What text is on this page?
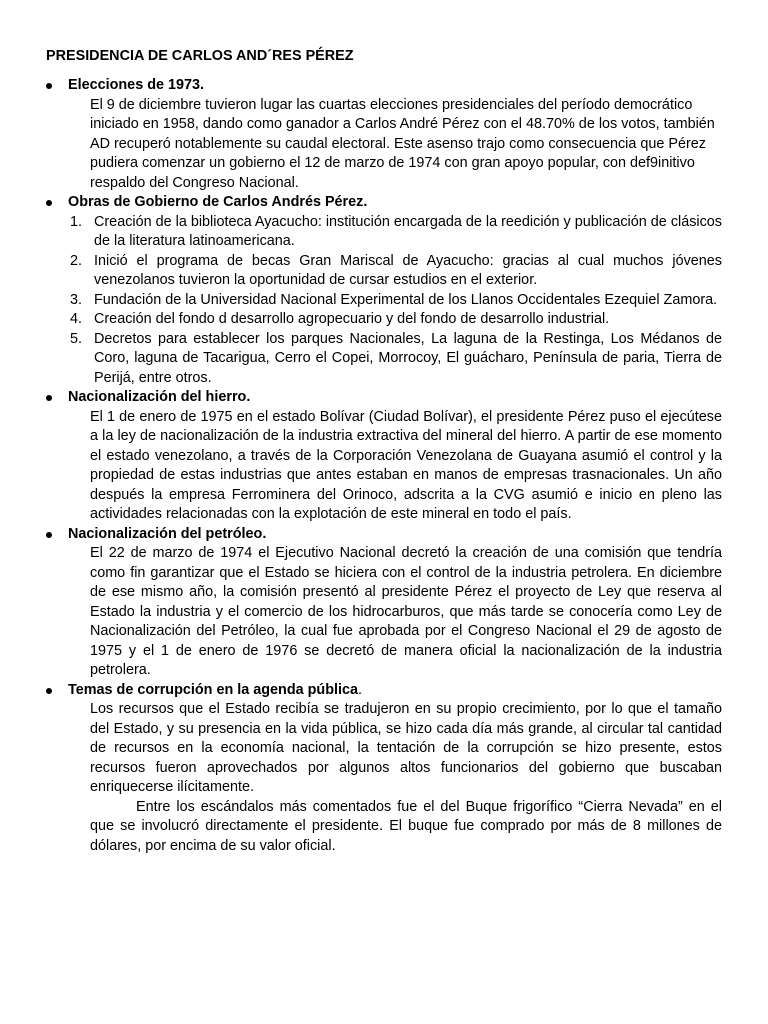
PRESIDENCIA DE CARLOS AND´RES PÉREZ
Elecciones de 1973.
El 9 de diciembre tuvieron lugar las cuartas elecciones presidenciales del período democrático iniciado en 1958, dando como ganador a Carlos André Pérez con el 48.70% de los votos, también AD recuperó notablemente su caudal electoral. Este asenso trajo como consecuencia que Pérez pudiera comenzar un gobierno el 12 de marzo de 1974 con gran apoyo popular, con def9initivo respaldo del Congreso Nacional.
Obras de Gobierno de Carlos Andrés Pérez.
1. Creación de la biblioteca Ayacucho: institución encargada de la reedición y publicación de clásicos de la literatura latinoamericana.
2. Inició el programa de becas Gran Mariscal de Ayacucho: gracias al cual muchos jóvenes venezolanos tuvieron la oportunidad de cursar estudios en el exterior.
3. Fundación de la Universidad Nacional Experimental de los Llanos Occidentales Ezequiel Zamora.
4. Creación del fondo d desarrollo agropecuario y del fondo de desarrollo industrial.
5. Decretos para establecer los parques Nacionales, La laguna de la Restinga, Los Médanos de Coro, laguna de Tacarigua, Cerro el Copei, Morrocoy, El guácharo, Península de paria, Tierra de Perijá, entre otros.
Nacionalización del hierro.
El 1 de enero de 1975 en el estado Bolívar (Ciudad Bolívar), el presidente Pérez puso el ejecútese a la ley de nacionalización de la industria extractiva del mineral del hierro. A partir de ese momento el estado venezolano, a través de la Corporación Venezolana de Guayana asumió el control y la propiedad de estas industrias que antes estaban en manos de empresas trasnacionales. Un año después la empresa Ferrominera del Orinoco, adscrita a la CVG asumió e inicio en pleno las actividades relacionadas con la explotación de este mineral en todo el país.
Nacionalización del petróleo.
El 22 de marzo de 1974 el Ejecutivo Nacional decretó la creación de una comisión que tendría como fin garantizar que el Estado se hiciera con el control de la industria petrolera. En diciembre de ese mismo año, la comisión presentó al presidente Pérez el proyecto de Ley que reserva al Estado la industria y el comercio de los hidrocarburos, que más tarde se conocería como Ley de Nacionalización del Petróleo, la cual fue aprobada por el Congreso Nacional el 29 de agosto de 1975 y el 1 de enero de 1976 se decretó de manera oficial la nacionalización de la industria petrolera.
Temas de corrupción en la agenda pública.
Los recursos que el Estado recibía se tradujeron en su propio crecimiento, por lo que el tamaño del Estado, y su presencia en la vida pública, se hizo cada día más grande, al circular tal cantidad de recursos en la economía nacional, la tentación de la corrupción se hizo presente, estos recursos fueron aprovechados por algunos altos funcionarios del gobierno que buscaban enriquecerse ilícitamente.
Entre los escándalos más comentados fue el del Buque frigorífico “Cierra Nevada” en el que se involucró directamente el presidente. El buque fue comprado por más de 8 millones de dólares, por encima de su valor oficial.
